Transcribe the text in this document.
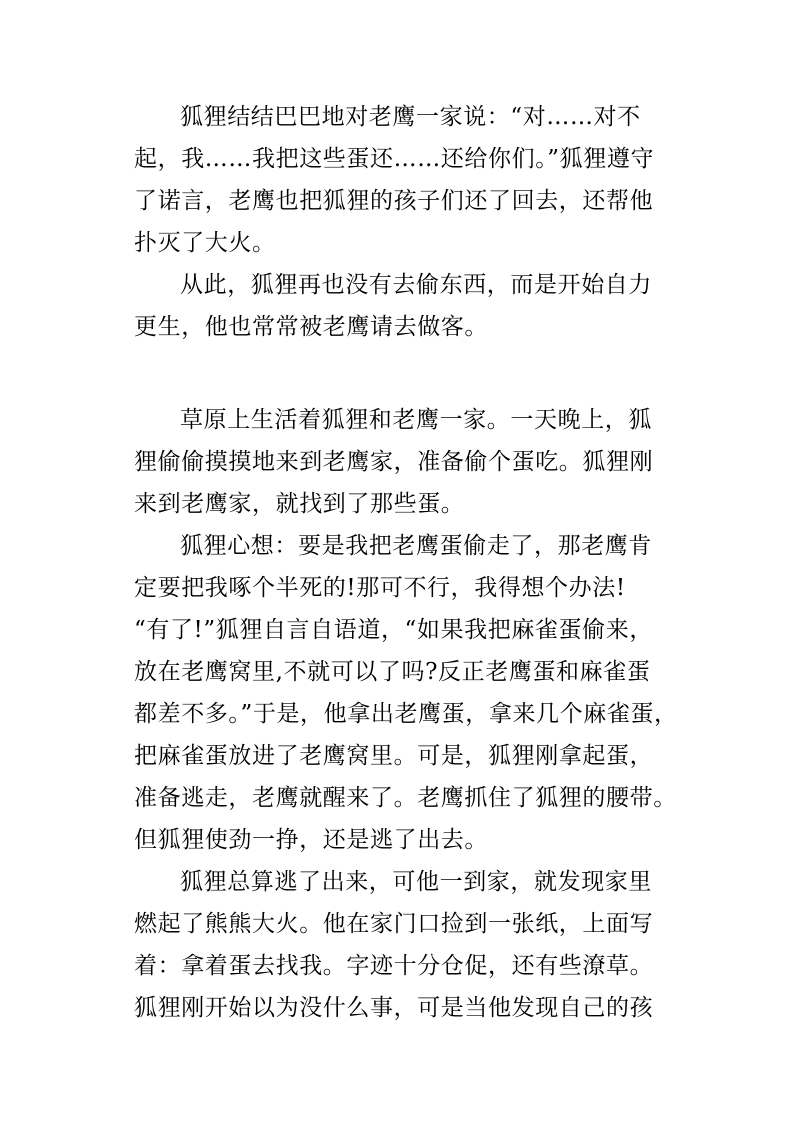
狐狸结结巴巴地对老鹰一家说：“对……对不
起，我……我把这些蛋还……还给你们。”狐狸遵守
了诺言，老鹰也把狐狸的孩子们还了回去，还帮他
扑灭了大火。
从此，狐狸再也没有去偷东西，而是开始自力
更生，他也常常被老鹰请去做客。
草原上生活着狐狸和老鹰一家。一天晚上，狐
狸偷偷摸摸地来到老鹰家，准备偷个蛋吃。狐狸刚
来到老鹰家，就找到了那些蛋。
狐狸心想：要是我把老鹰蛋偷走了，那老鹰肯
定要把我啄个半死的!那可不行，我得想个办法!
“有了!”狐狸自言自语道，“如果我把麻雀蛋偷来，
放在老鹰窝里,不就可以了吗?反正老鹰蛋和麻雀蛋
都差不多。”于是，他拿出老鹰蛋，拿来几个麻雀蛋，
把麻雀蛋放进了老鹰窝里。可是，狐狸刚拿起蛋，
准备逃走，老鹰就醒来了。老鹰抓住了狐狸的腰带。
但狐狸使劲一挣，还是逃了出去。
狐狸总算逃了出来，可他一到家，就发现家里
燃起了熊熊大火。他在家门口捡到一张纸，上面写
着：拿着蛋去找我。字迹十分仓促，还有些潦草。
狐狸刚开始以为没什么事，可是当他发现自己的孩
